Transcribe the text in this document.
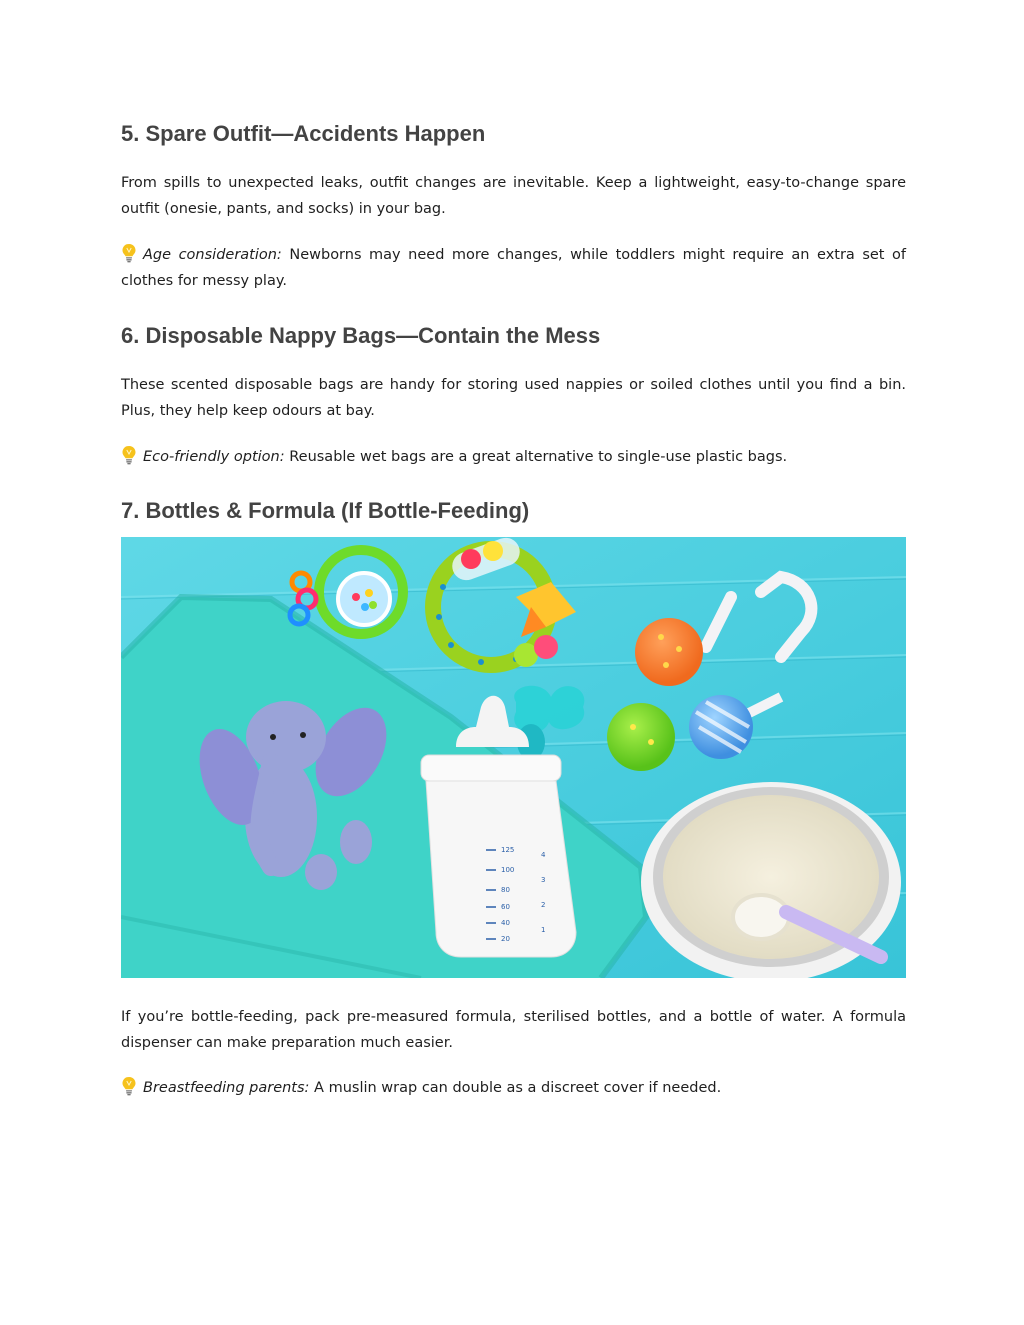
5. Spare Outfit—Accidents Happen

From spills to unexpected leaks, outfit changes are inevitable. Keep a lightweight, easy-to-change spare outfit (onesie, pants, and socks) in your bag.

Age consideration: Newborns may need more changes, while toddlers might require an extra set of clothes for messy play.

6. Disposable Nappy Bags—Contain the Mess

These scented disposable bags are handy for storing used nappies or soiled clothes until you find a bin. Plus, they help keep odours at bay.

Eco-friendly option: Reusable wet bags are a great alternative to single-use plastic bags.

7. Bottles & Formula (If Bottle-Feeding)
125
100
80
60
40
20
4
3
2
1

If you’re bottle-feeding, pack pre-measured formula, sterilised bottles, and a bottle of water. A formula dispenser can make preparation much easier.

Breastfeeding parents: A muslin wrap can double as a discreet cover if needed.
